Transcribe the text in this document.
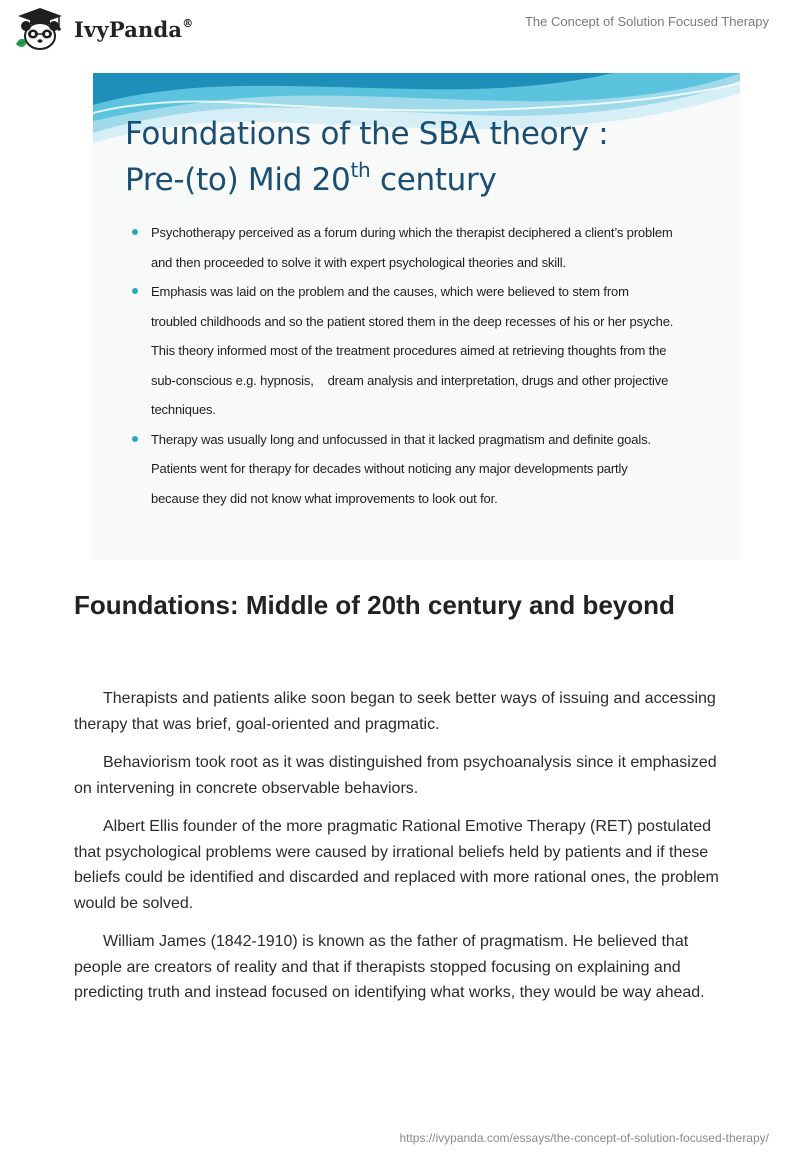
IvyPanda®	The Concept of Solution Focused Therapy
Foundations of the SBA theory :
Pre-(to) Mid 20th century
Psychotherapy perceived as a forum during which the therapist deciphered a client’s problem
and then proceeded to solve it with expert psychological theories and skill.
Emphasis was laid on the problem and the causes, which were believed to stem from
troubled childhoods and so the patient stored them in the deep recesses of his or her psyche.
This theory informed most of the treatment procedures aimed at retrieving thoughts from the
sub-conscious e.g. hypnosis,    dream analysis and interpretation, drugs and other projective
techniques.
Therapy was usually long and unfocussed in that it lacked pragmatism and definite goals.
Patients went for therapy for decades without noticing any major developments partly
because they did not know what improvements to look out for.
Foundations: Middle of 20th century and beyond

Therapists and patients alike soon began to seek better ways of issuing and accessing therapy that was brief, goal-oriented and pragmatic.

Behaviorism took root as it was distinguished from psychoanalysis since it emphasized on intervening in concrete observable behaviors.

Albert Ellis founder of the more pragmatic Rational Emotive Therapy (RET) postulated that psychological problems were caused by irrational beliefs held by patients and if these beliefs could be identified and discarded and replaced with more rational ones, the problem would be solved.

William James (1842-1910) is known as the father of pragmatism. He believed that people are creators of reality and that if therapists stopped focusing on explaining and predicting truth and instead focused on identifying what works, they would be way ahead.

https://ivypanda.com/essays/the-concept-of-solution-focused-therapy/
